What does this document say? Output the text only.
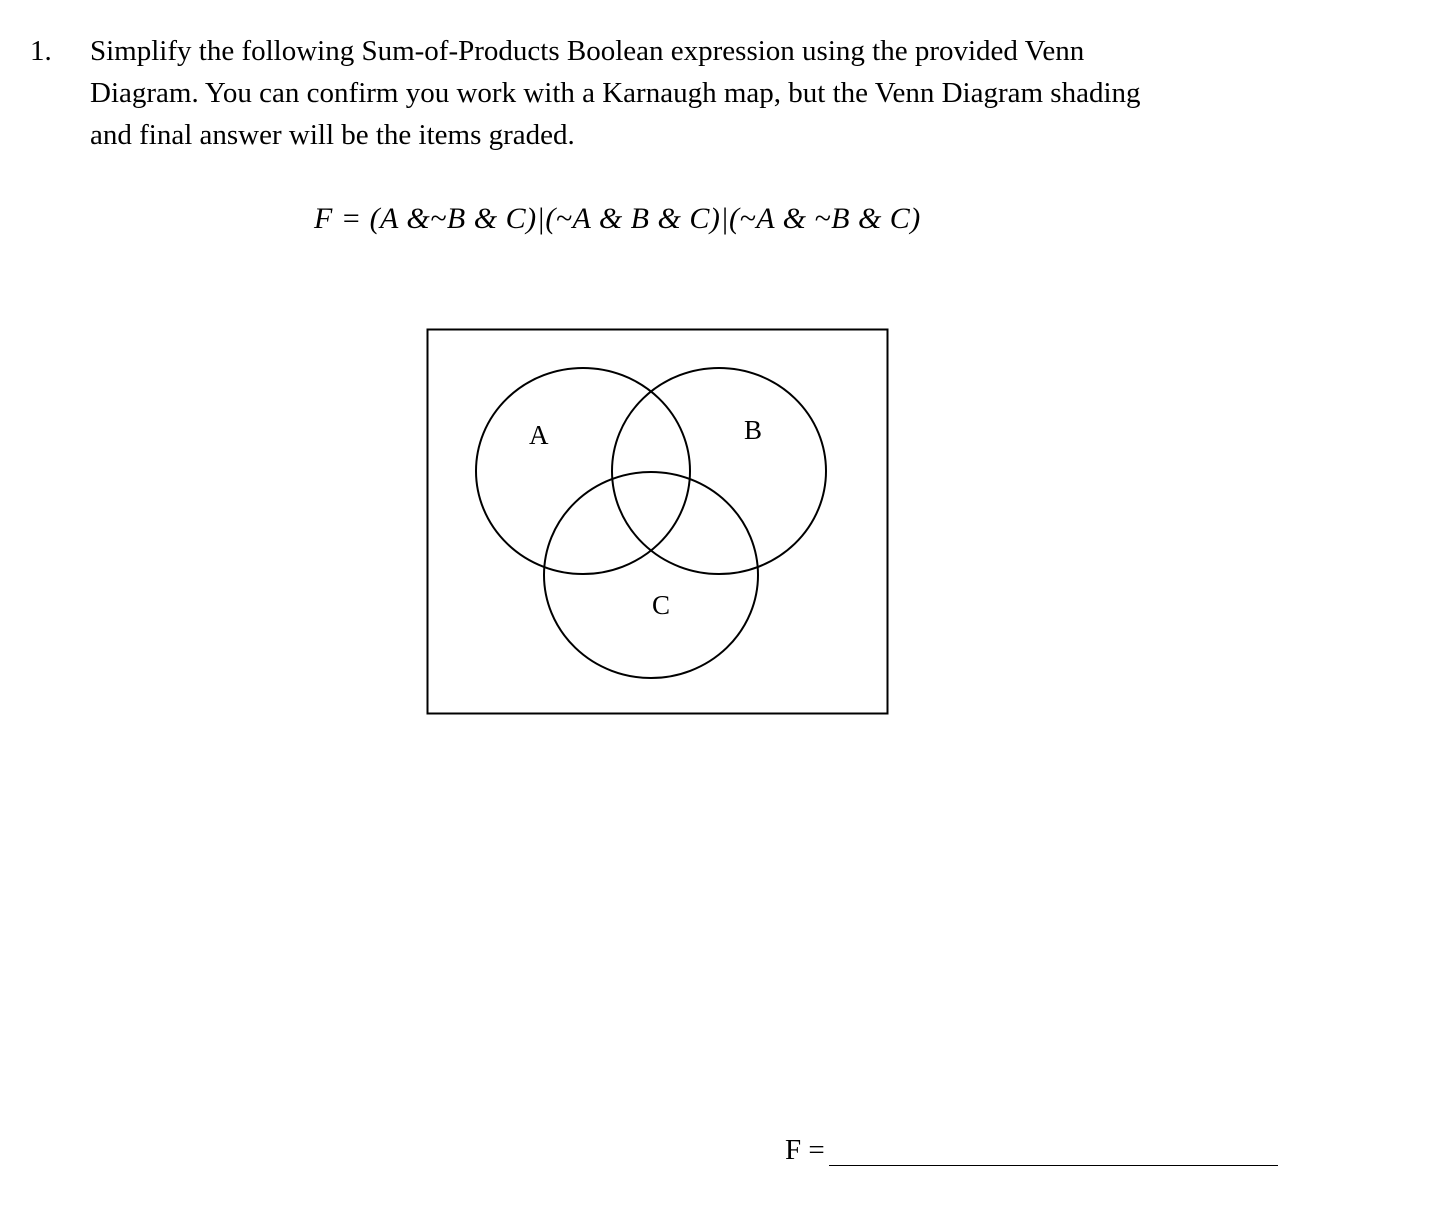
1. Simplify the following Sum-of-Products Boolean expression using the provided Venn
Diagram. You can confirm you work with a Karnaugh map, but the Venn Diagram shading
and final answer will be the items graded.

F = (A &~B & C)|(~A & B & C)|(~A & ~B & C)
A	B
C
F =
